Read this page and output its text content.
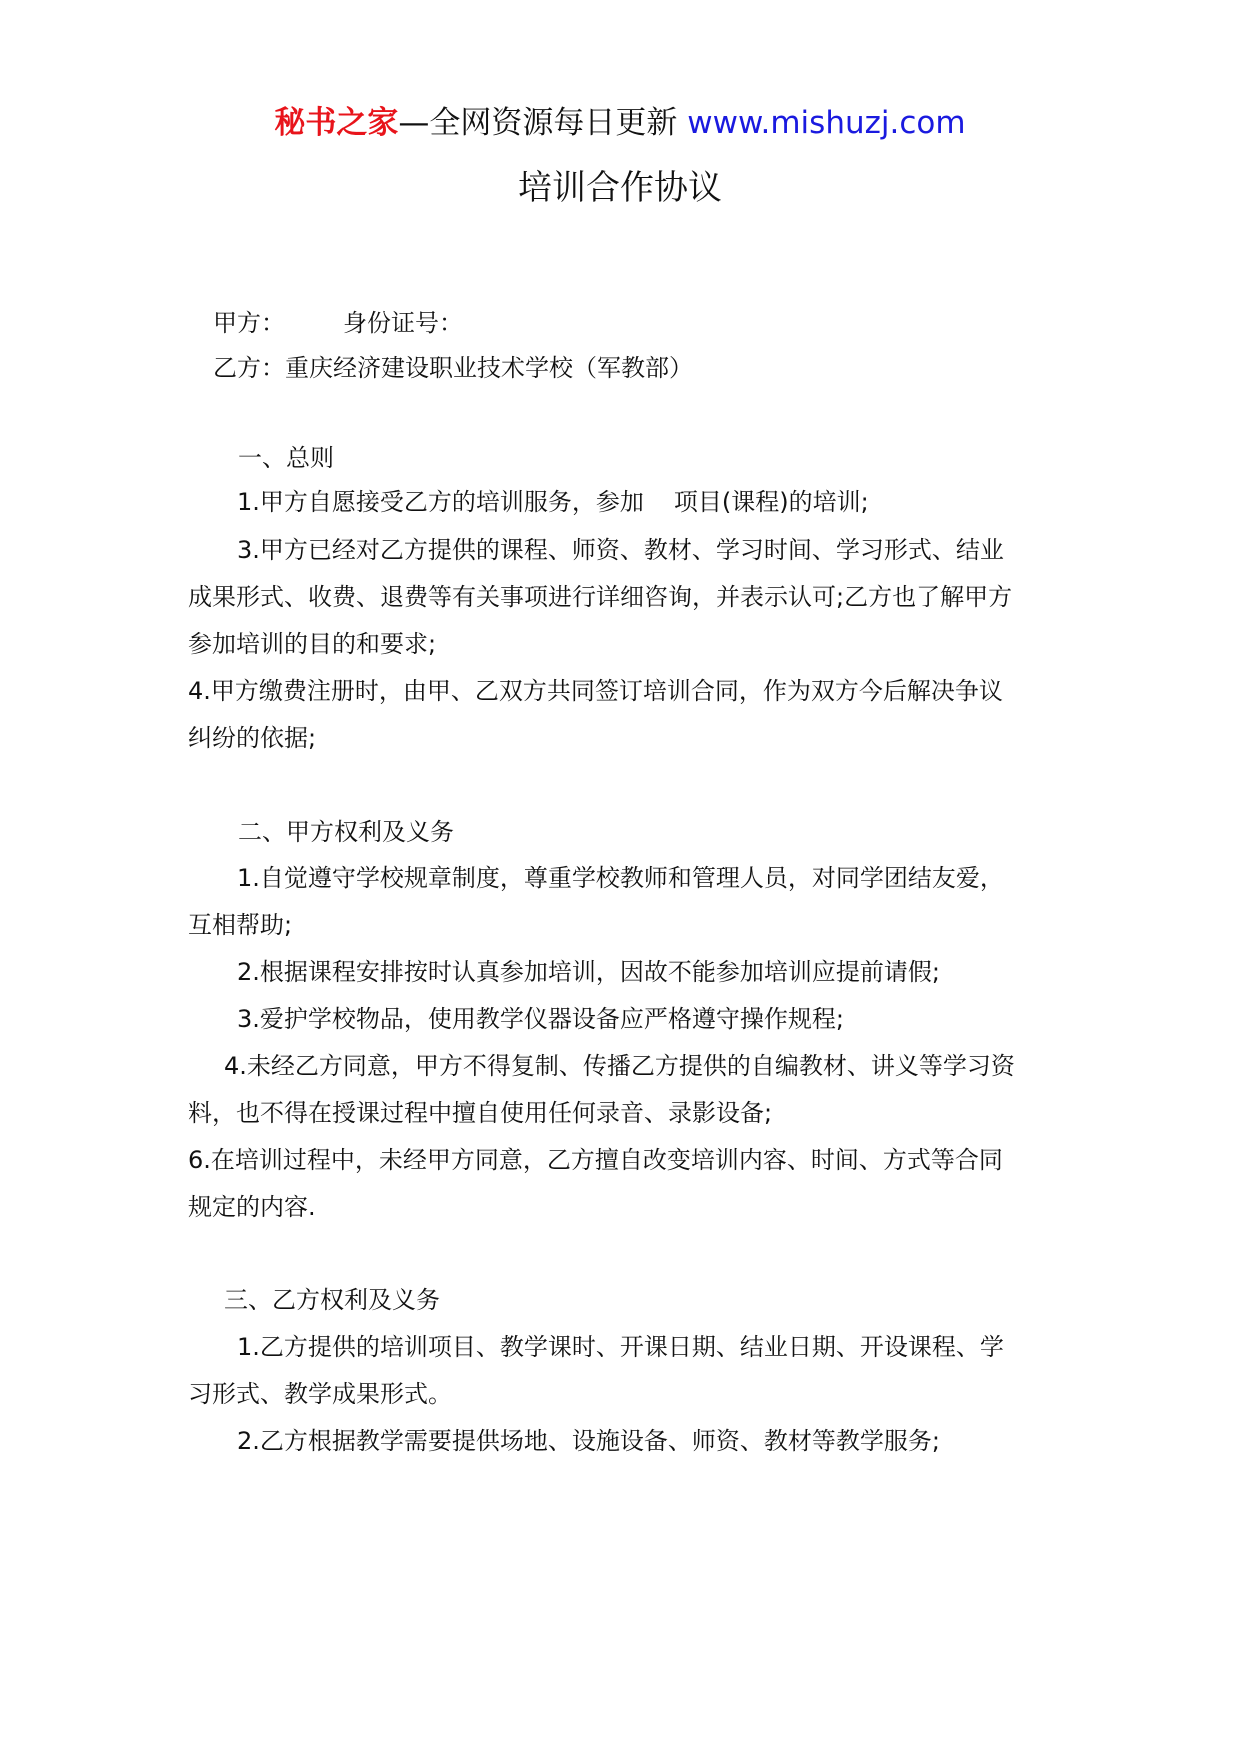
秘书之家—全网资源每日更新 www.mishuzj.com
培训合作协议
甲方： 身份证号：
乙方：重庆经济建设职业技术学校（军教部）
一、总则
1.甲方自愿接受乙方的培训服务，参加 项目(课程)的培训;
3.甲方已经对乙方提供的课程、师资、教材、学习时间、学习形式、结业
成果形式、收费、退费等有关事项进行详细咨询，并表示认可;乙方也了解甲方
参加培训的目的和要求;
4.甲方缴费注册时，由甲、乙双方共同签订培训合同，作为双方今后解决争议
纠纷的依据;
二、甲方权利及义务
1.自觉遵守学校规章制度，尊重学校教师和管理人员，对同学团结友爱，
互相帮助;
2.根据课程安排按时认真参加培训，因故不能参加培训应提前请假;
3.爱护学校物品，使用教学仪器设备应严格遵守操作规程;
4.未经乙方同意，甲方不得复制、传播乙方提供的自编教材、讲义等学习资
料，也不得在授课过程中擅自使用任何录音、录影设备;
6.在培训过程中，未经甲方同意，乙方擅自改变培训内容、时间、方式等合同
规定的内容.
三、乙方权利及义务
1.乙方提供的培训项目、教学课时、开课日期、结业日期、开设课程、学
习形式、教学成果形式。
2.乙方根据教学需要提供场地、设施设备、师资、教材等教学服务;
